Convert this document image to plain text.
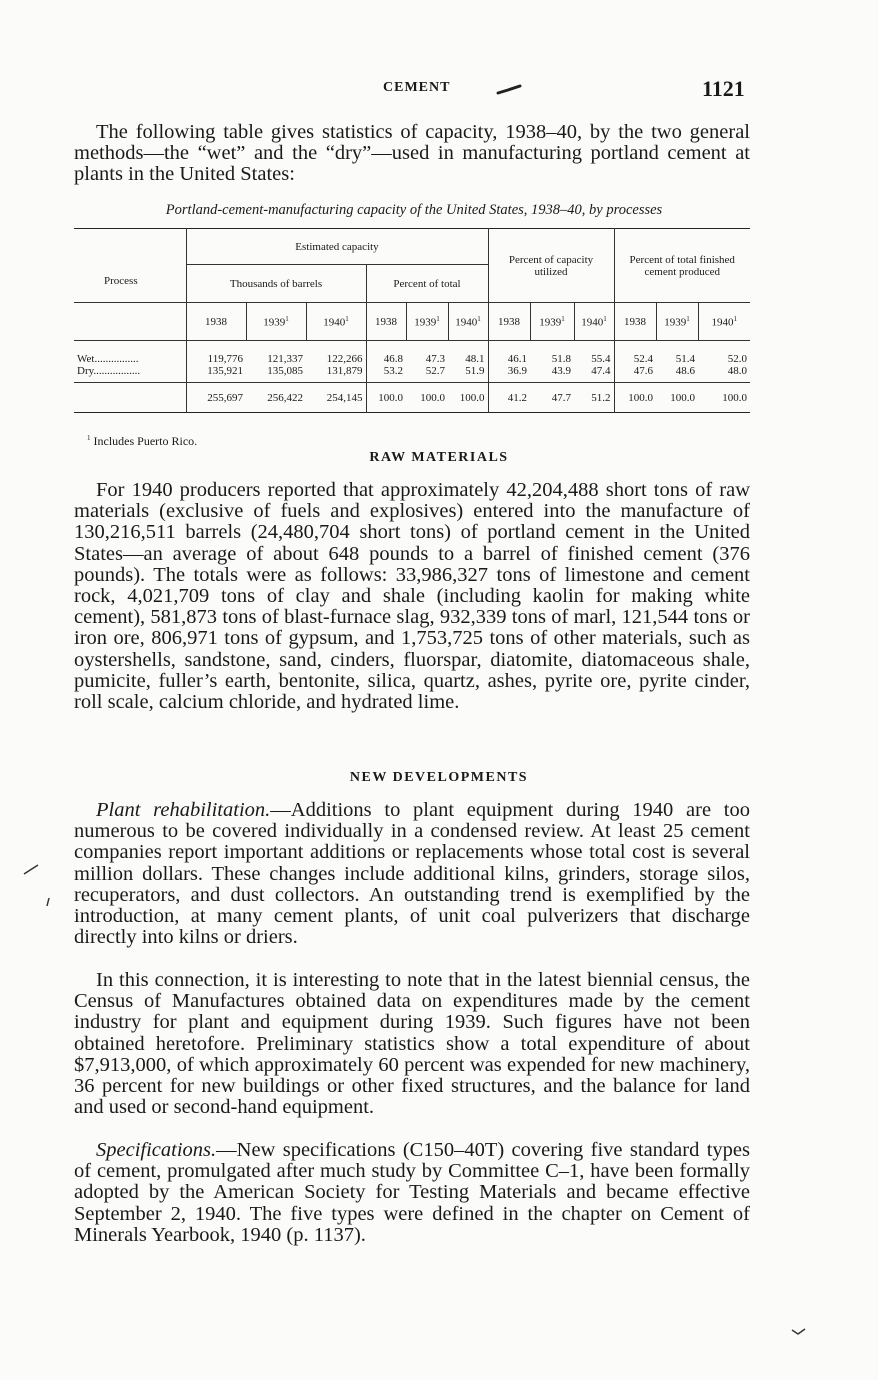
CEMENT	1121

The following table gives statistics of capacity, 1938–40, by the two general methods—the “wet” and the “dry”—used in manufacturing portland cement at plants in the United States:

Portland-cement-manufacturing capacity of the United States, 1938–40, by processes
	Estimated capacity						Percent of capacity utilized			Percent of total finished cement produced		
	Thousands of barrels			Percent of total								

Process	1938	1939$^1$	1940$^1$	1938	1939$^1$	1940$^1$	1938	1939$^1$	1940$^1$	1938	1939$^1$	1940$^1$

Wet................	119,776	121,337	122,266	46.8	47.3	48.1	46.1	51.8	55.4	52.4	51.4	52.0
Dry.................	135,921	135,085	131,879	53.2	52.7	51.9	36.9	43.9	47.4	47.6	48.6	48.0

	255,697	256,422	254,145	100.0	100.0	100.0	41.2	47.7	51.2	100.0	100.0	100.0
$^1$ Includes Puerto Rico.
RAW MATERIALS

For 1940 producers reported that approximately 42,204,488 short tons of raw materials (exclusive of fuels and explosives) entered into the manufacture of 130,216,511 barrels (24,480,704 short tons) of portland cement in the United States—an average of about 648 pounds to a barrel of finished cement (376 pounds). The totals were as follows: 33,986,327 tons of limestone and cement rock, 4,021,709 tons of clay and shale (including kaolin for making white cement), 581,873 tons of blast-furnace slag, 932,339 tons of marl, 121,544 tons or iron ore, 806,971 tons of gypsum, and 1,753,725 tons of other materials, such as oystershells, sandstone, sand, cinders, fluorspar, diatomite, diatomaceous shale, pumicite, fuller’s earth, bentonite, silica, quartz, ashes, pyrite ore, pyrite cinder, roll scale, calcium chloride, and hydrated lime.

NEW DEVELOPMENTS

Plant rehabilitation.—Additions to plant equipment during 1940 are too numerous to be covered individually in a condensed review. At least 25 cement companies report important additions or replacements whose total cost is several million dollars. These changes include additional kilns, grinders, storage silos, recuperators, and dust collectors. An outstanding trend is exemplified by the introduction, at many cement plants, of unit coal pulverizers that discharge directly into kilns or driers.

In this connection, it is interesting to note that in the latest biennial census, the Census of Manufactures obtained data on expenditures made by the cement industry for plant and equipment during 1939. Such figures have not been obtained heretofore. Preliminary statistics show a total expenditure of about $7,913,000, of which approximately 60 percent was expended for new machinery, 36 percent for new buildings or other fixed structures, and the balance for land and used or second-hand equipment.

Specifications.—New specifications (C150–40T) covering five standard types of cement, promulgated after much study by Committee C–1, have been formally adopted by the American Society for Testing Materials and became effective September 2, 1940. The five types were defined in the chapter on Cement of Minerals Yearbook, 1940 (p. 1137).
